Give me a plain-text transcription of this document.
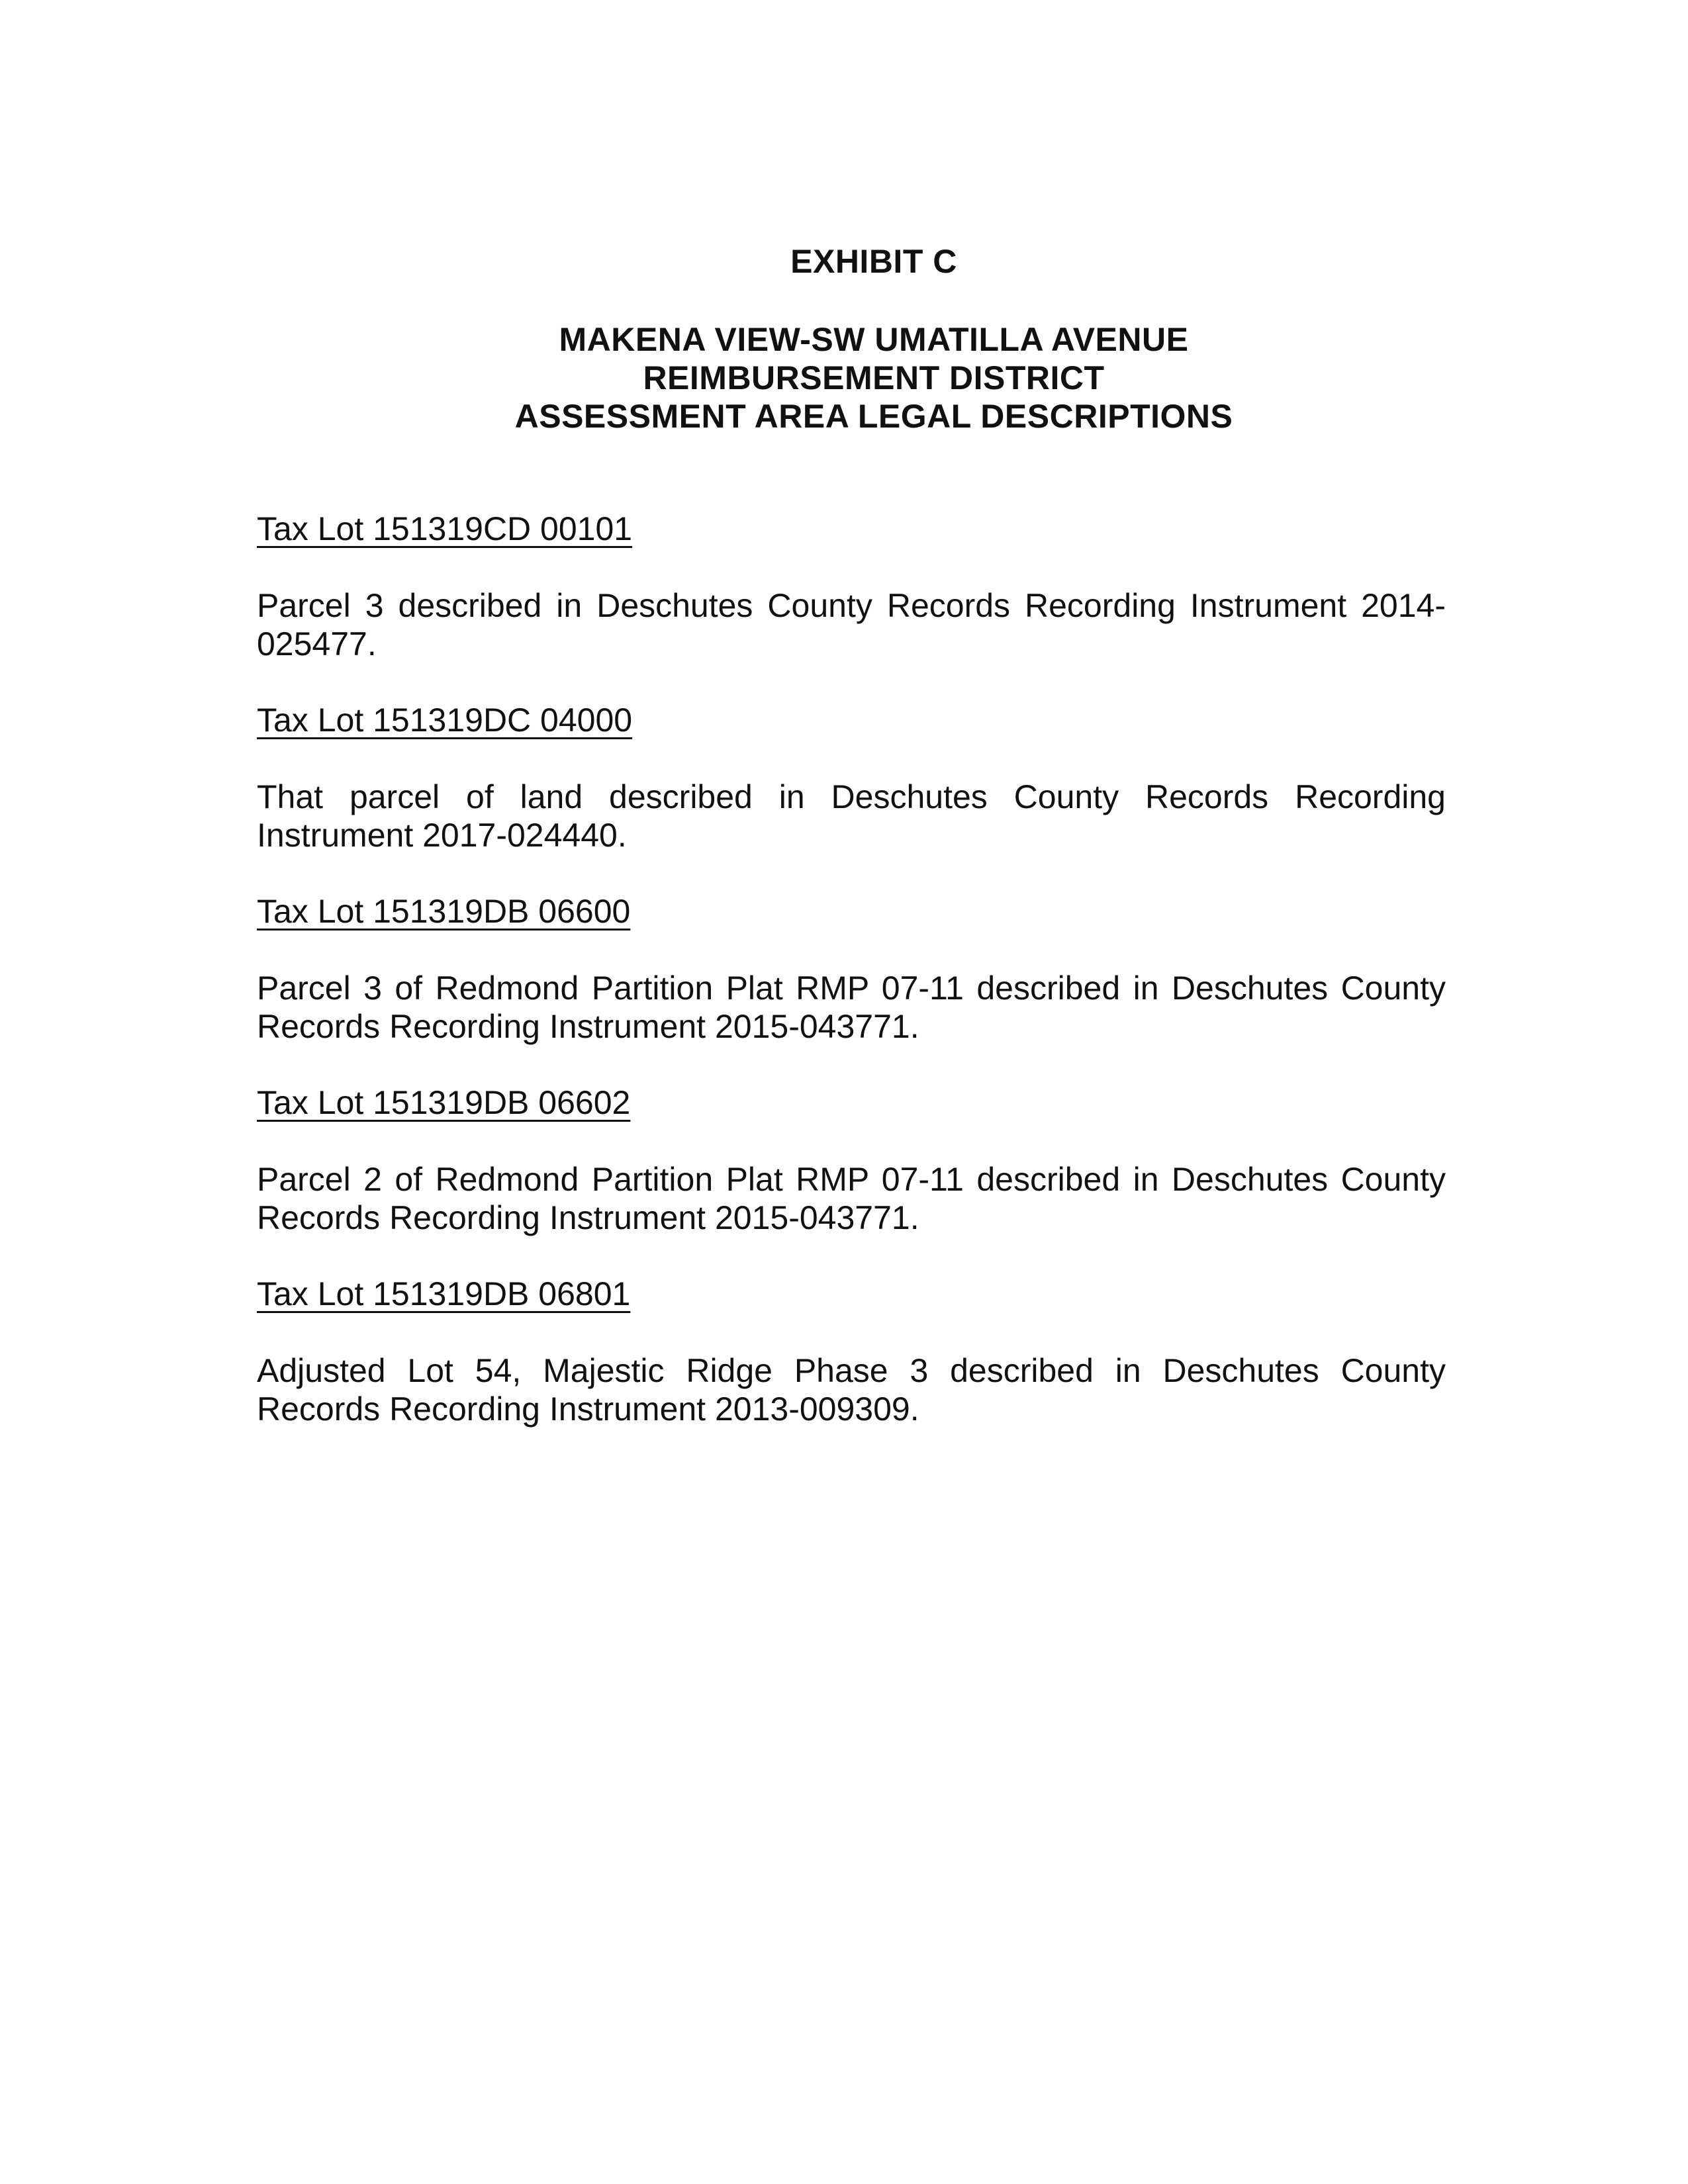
EXHIBIT C
MAKENA VIEW-SW UMATILLA AVENUE
REIMBURSEMENT DISTRICT
ASSESSMENT AREA LEGAL DESCRIPTIONS
Tax Lot 151319CD 00101
Parcel 3 described in Deschutes County Records Recording Instrument 2014-025477.
Tax Lot 151319DC 04000
That parcel of land described in Deschutes County Records Recording Instrument 2017-024440.
Tax Lot 151319DB 06600
Parcel 3 of Redmond Partition Plat RMP 07-11 described in Deschutes County Records Recording Instrument 2015-043771.
Tax Lot 151319DB 06602
Parcel 2 of Redmond Partition Plat RMP 07-11 described in Deschutes County Records Recording Instrument 2015-043771.
Tax Lot 151319DB 06801
Adjusted Lot 54, Majestic Ridge Phase 3 described in Deschutes County Records Recording Instrument 2013-009309.
